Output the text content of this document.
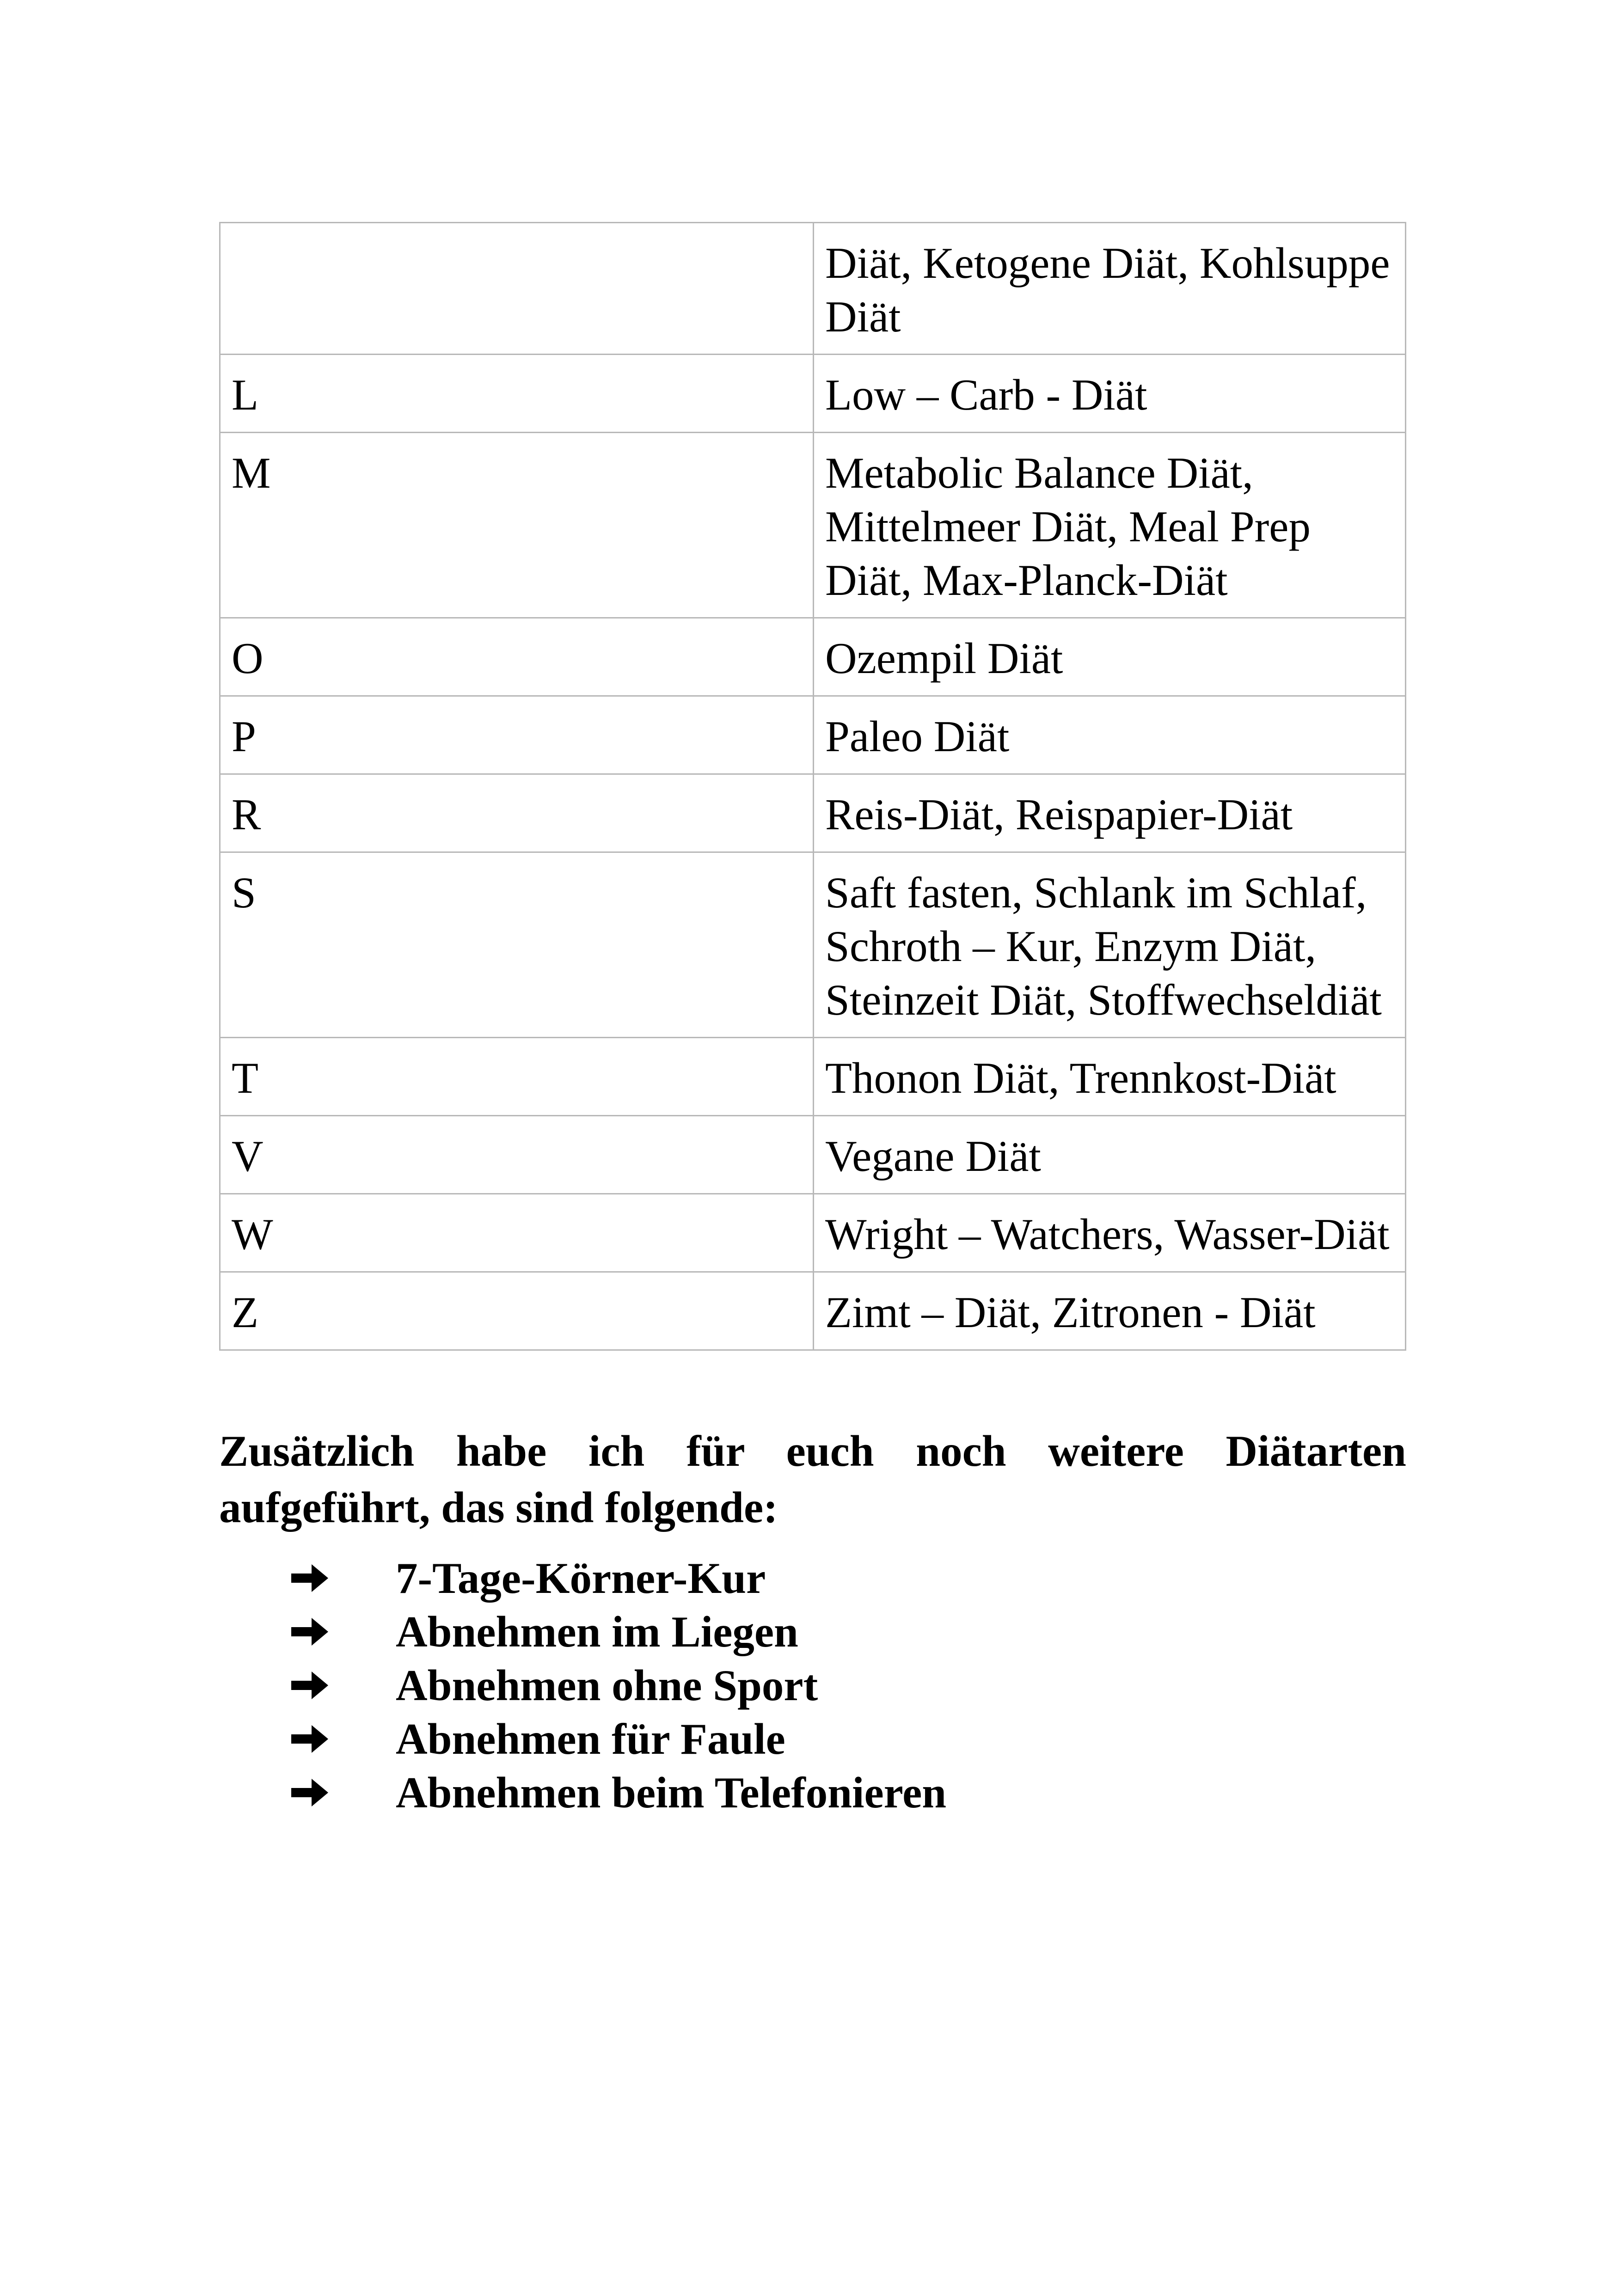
	Diät, Ketogene Diät, Kohlsuppe Diät
L	Low – Carb - Diät
M	Metabolic Balance Diät, Mittelmeer Diät, Meal Prep Diät, Max-Planck-Diät
O	Ozempil Diät
P	Paleo Diät
R	Reis-Diät, Reispapier-Diät
S	Saft fasten, Schlank im Schlaf, Schroth – Kur, Enzym Diät, Steinzeit Diät, Stoffwechseldiät
T	Thonon Diät, Trennkost-Diät
V	Vegane Diät
W	Wright – Watchers, Wasser-Diät
Z	Zimt – Diät, Zitronen - Diät

Zusätzlich habe ich für euch noch weitere Diätarten aufgeführt, das sind folgende:

7-Tage-Körner-Kur
Abnehmen im Liegen
Abnehmen ohne Sport
Abnehmen für Faule
Abnehmen beim Telefonieren
